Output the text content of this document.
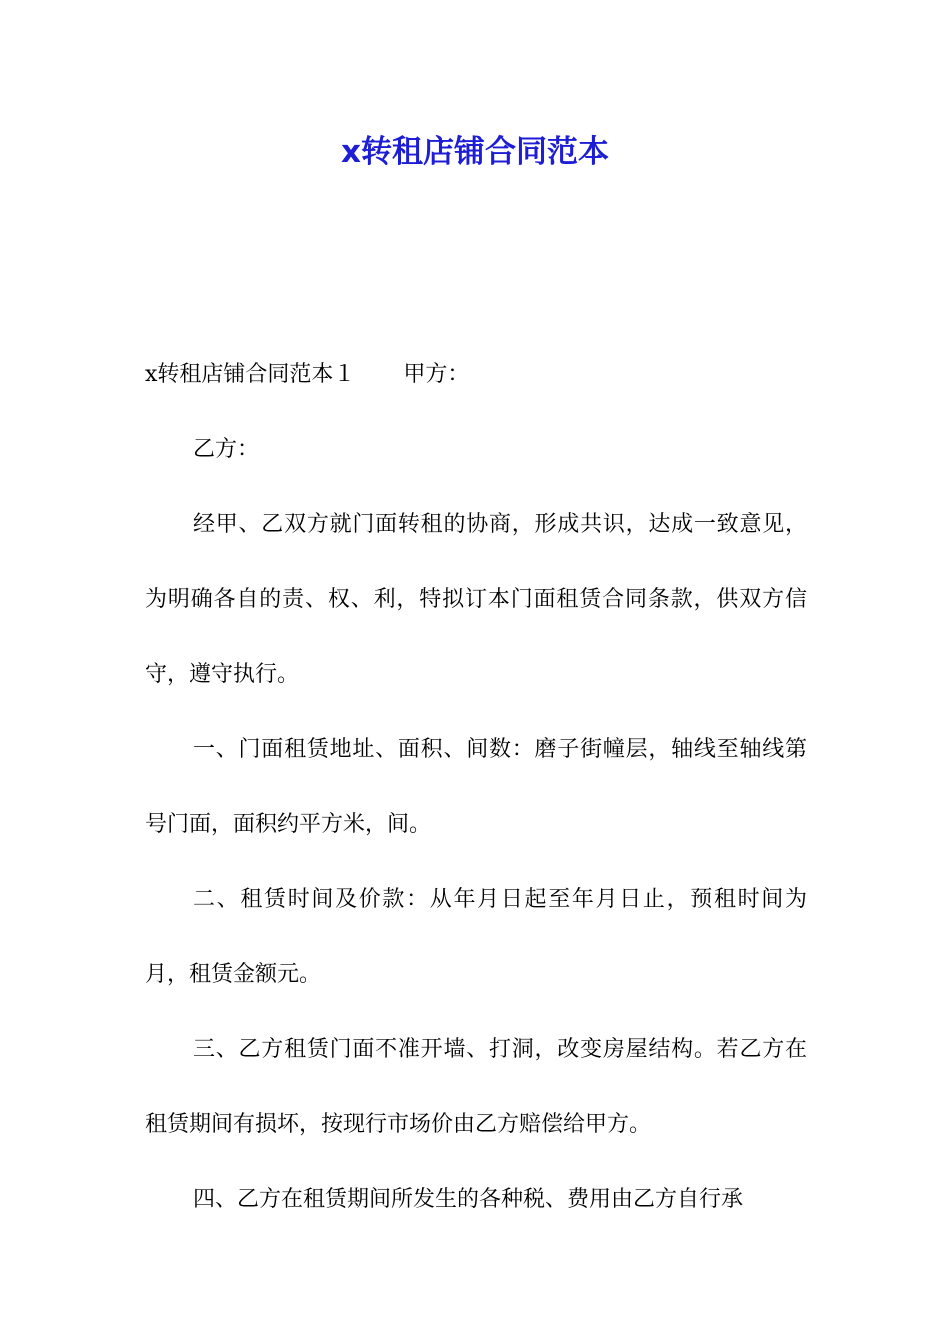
x转租店铺合同范本

x转租店铺合同范本１ 甲方：

乙方：

经甲、乙双方就门面转租的协商，形成共识，达成一致意见，为明确各自的责、权、利，特拟订本门面租赁合同条款，供双方信守，遵守执行。

一、门面租赁地址、面积、间数：磨子街幢层，轴线至轴线第号门面，面积约平方米，间。

二、租赁时间及价款：从年月日起至年月日止，预租时间为月，租赁金额元。

三、乙方租赁门面不准开墙、打洞，改变房屋结构。若乙方在租赁期间有损坏，按现行市场价由乙方赔偿给甲方。

四、乙方在租赁期间所发生的各种税、费用由乙方自行承
